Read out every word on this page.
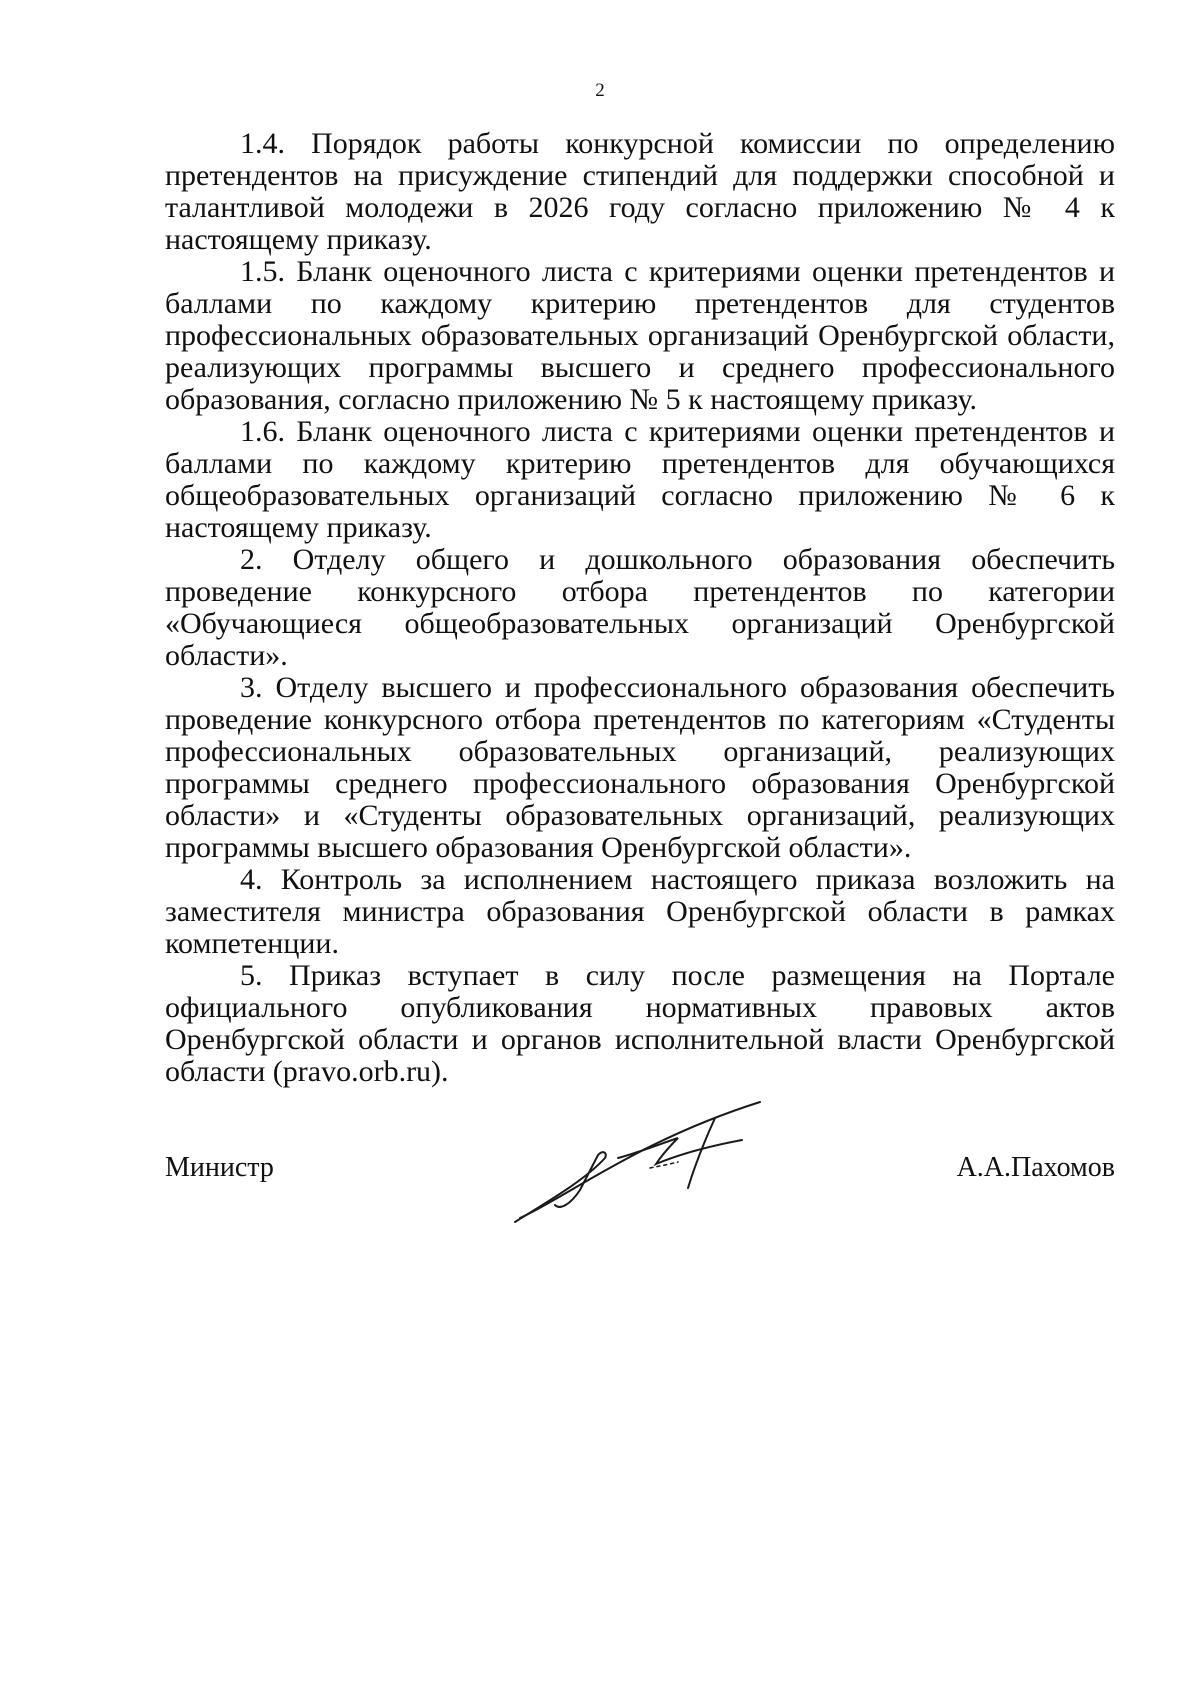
2

1.4. Порядок работы конкурсной комиссии по определению претендентов на присуждение стипендий для поддержки способной и талантливой молодежи в 2026 году согласно приложению № 4 к настоящему приказу.

1.5. Бланк оценочного листа с критериями оценки претендентов и баллами по каждому критерию претендентов для студентов профессиональных образовательных организаций Оренбургской области, реализующих программы высшего и среднего профессионального образования, согласно приложению № 5 к настоящему приказу.

1.6. Бланк оценочного листа с критериями оценки претендентов и баллами по каждому критерию претендентов для обучающихся общеобразовательных организаций согласно приложению № 6 к настоящему приказу.

2. Отделу общего и дошкольного образования обеспечить проведение конкурсного отбора претендентов по категории «Обучающиеся общеобразовательных организаций Оренбургской области».

3. Отделу высшего и профессионального образования обеспечить проведение конкурсного отбора претендентов по категориям «Студенты профессиональных образовательных организаций, реализующих программы среднего профессионального образования Оренбургской области» и «Студенты образовательных организаций, реализующих программы высшего образования Оренбургской области».

4. Контроль за исполнением настоящего приказа возложить на заместителя министра образования Оренбургской области в рамках компетенции.

5. Приказ вступает в силу после размещения на Портале официального опубликования нормативных правовых актов Оренбургской области и органов исполнительной власти Оренбургской области (pravo.orb.ru).

Министр	А.А.Пахомов
